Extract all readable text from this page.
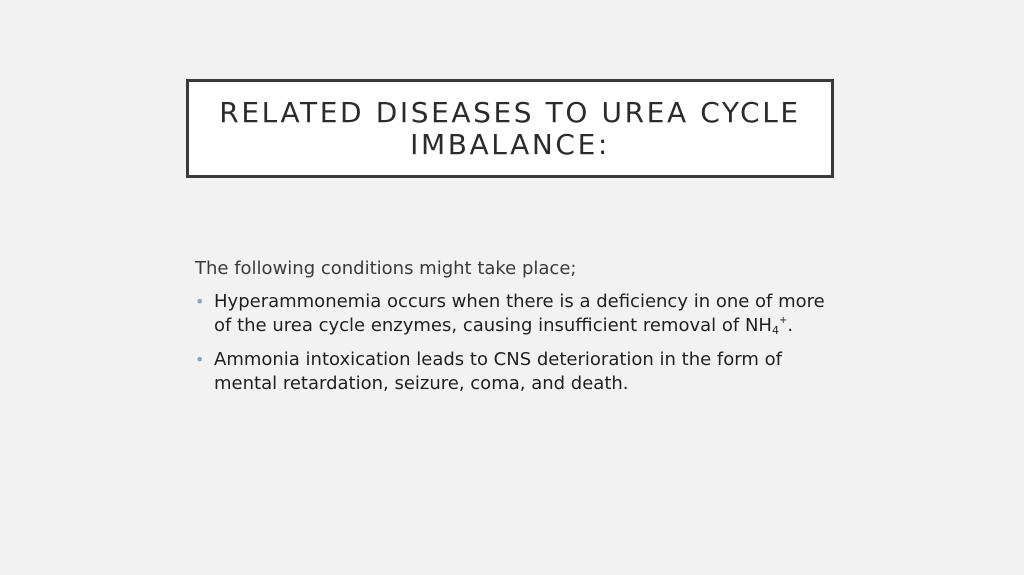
RELATED DISEASES TO UREA CYCLE IMBALANCE:

The following conditions might take place;

• Hyperammonemia occurs when there is a deficiency in one of more of the urea cycle enzymes, causing insufficient removal of $NH_4^+$.
• Ammonia intoxication leads to CNS deterioration in the form of mental retardation, seizure, coma, and death.
